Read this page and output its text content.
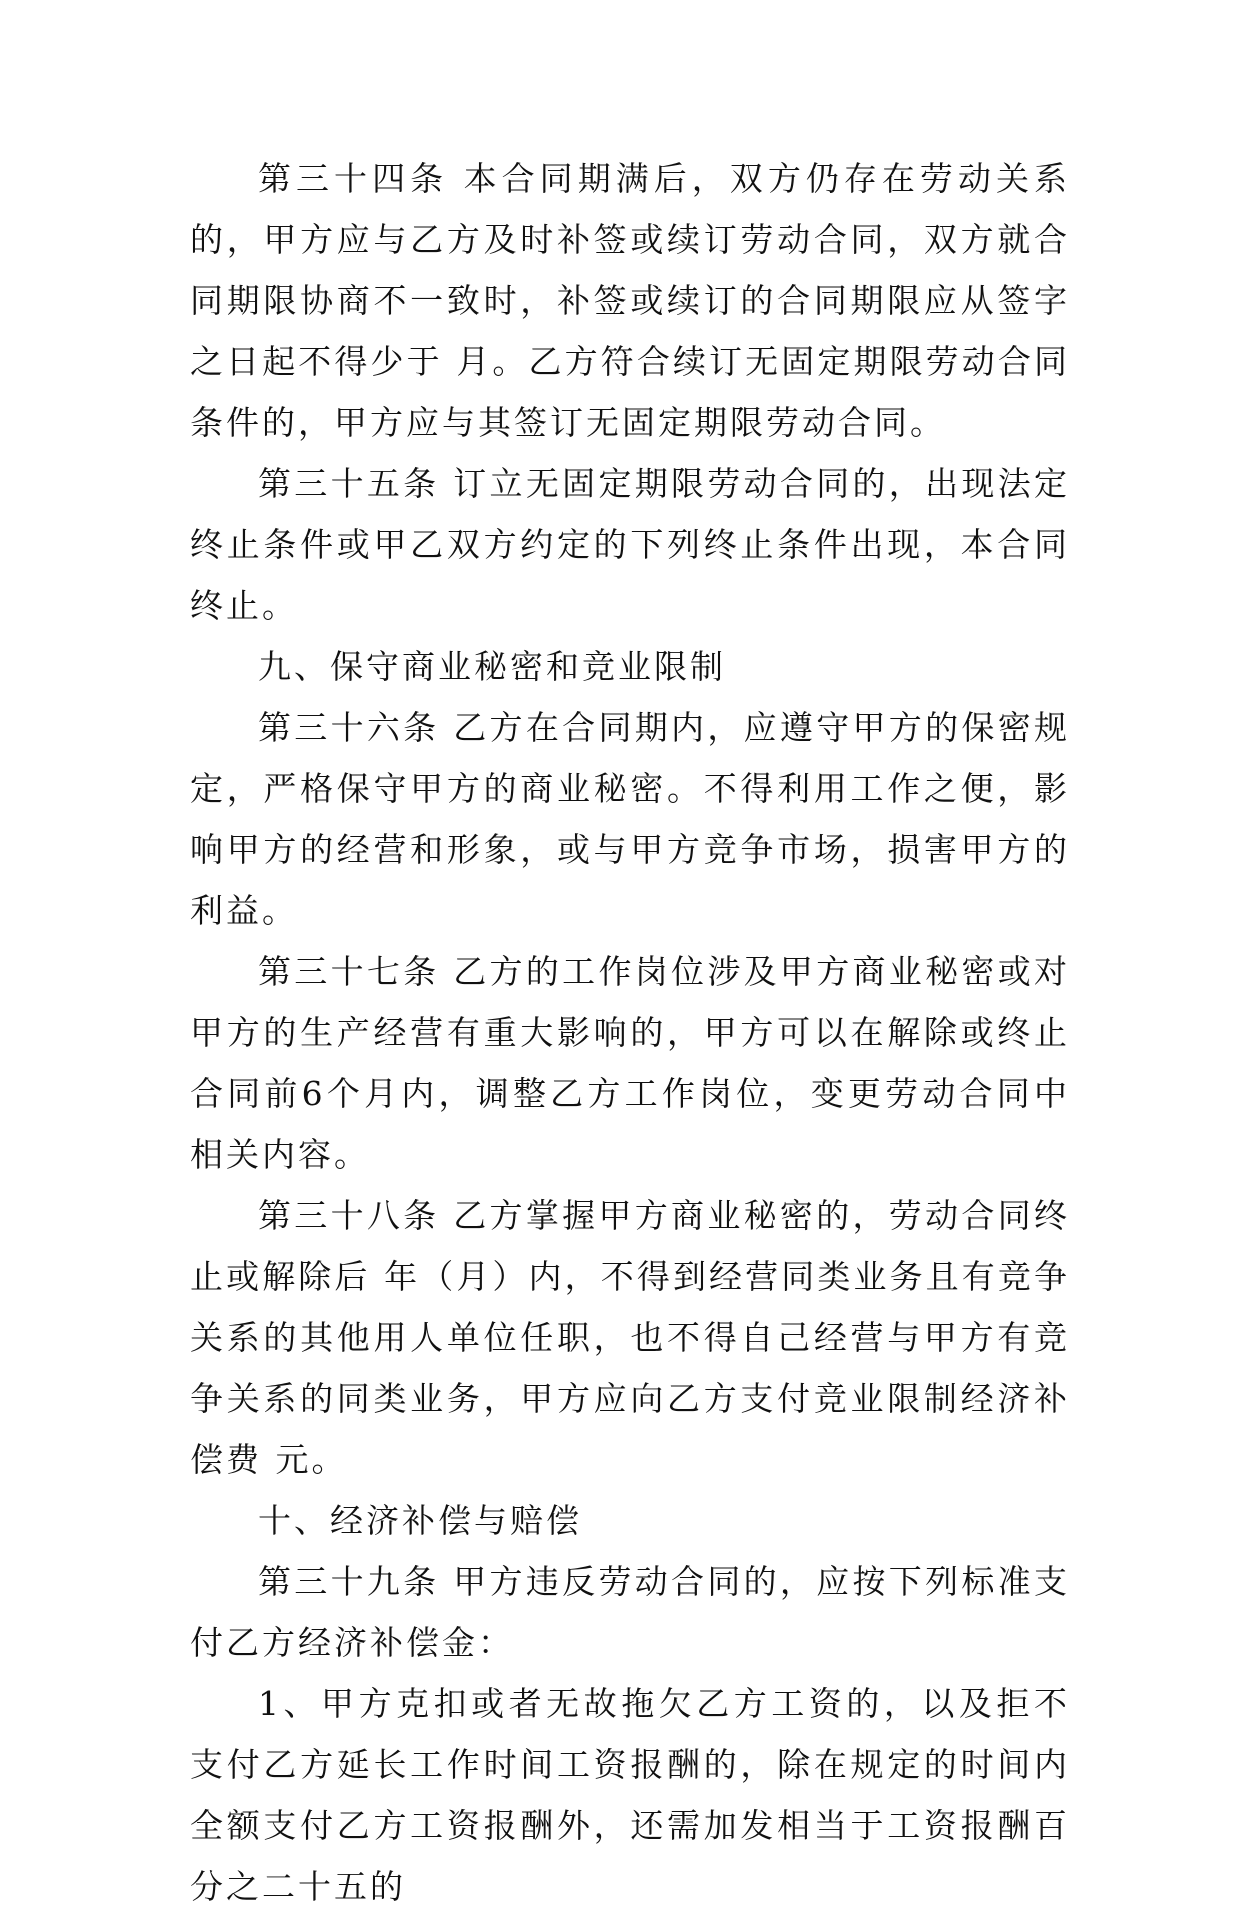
第三十四条 本合同期满后，双方仍存在劳动关系的，甲方应与乙方及时补签或续订劳动合同，双方就合同期限协商不一致时，补签或续订的合同期限应从签字之日起不得少于 月。乙方符合续订无固定期限劳动合同条件的，甲方应与其签订无固定期限劳动合同。

第三十五条 订立无固定期限劳动合同的，出现法定终止条件或甲乙双方约定的下列终止条件出现，本合同终止。

九、保守商业秘密和竞业限制

第三十六条 乙方在合同期内，应遵守甲方的保密规定，严格保守甲方的商业秘密。不得利用工作之便，影响甲方的经营和形象，或与甲方竞争市场，损害甲方的利益。

第三十七条 乙方的工作岗位涉及甲方商业秘密或对甲方的生产经营有重大影响的，甲方可以在解除或终止合同前6个月内，调整乙方工作岗位，变更劳动合同中相关内容。

第三十八条 乙方掌握甲方商业秘密的，劳动合同终止或解除后 年（月）内，不得到经营同类业务且有竞争关系的其他用人单位任职，也不得自己经营与甲方有竞争关系的同类业务，甲方应向乙方支付竞业限制经济补偿费 元。

十、经济补偿与赔偿

第三十九条 甲方违反劳动合同的，应按下列标准支付乙方经济补偿金：

1、甲方克扣或者无故拖欠乙方工资的，以及拒不支付乙方延长工作时间工资报酬的，除在规定的时间内全额支付乙方工资报酬外，还需加发相当于工资报酬百分之二十五的
